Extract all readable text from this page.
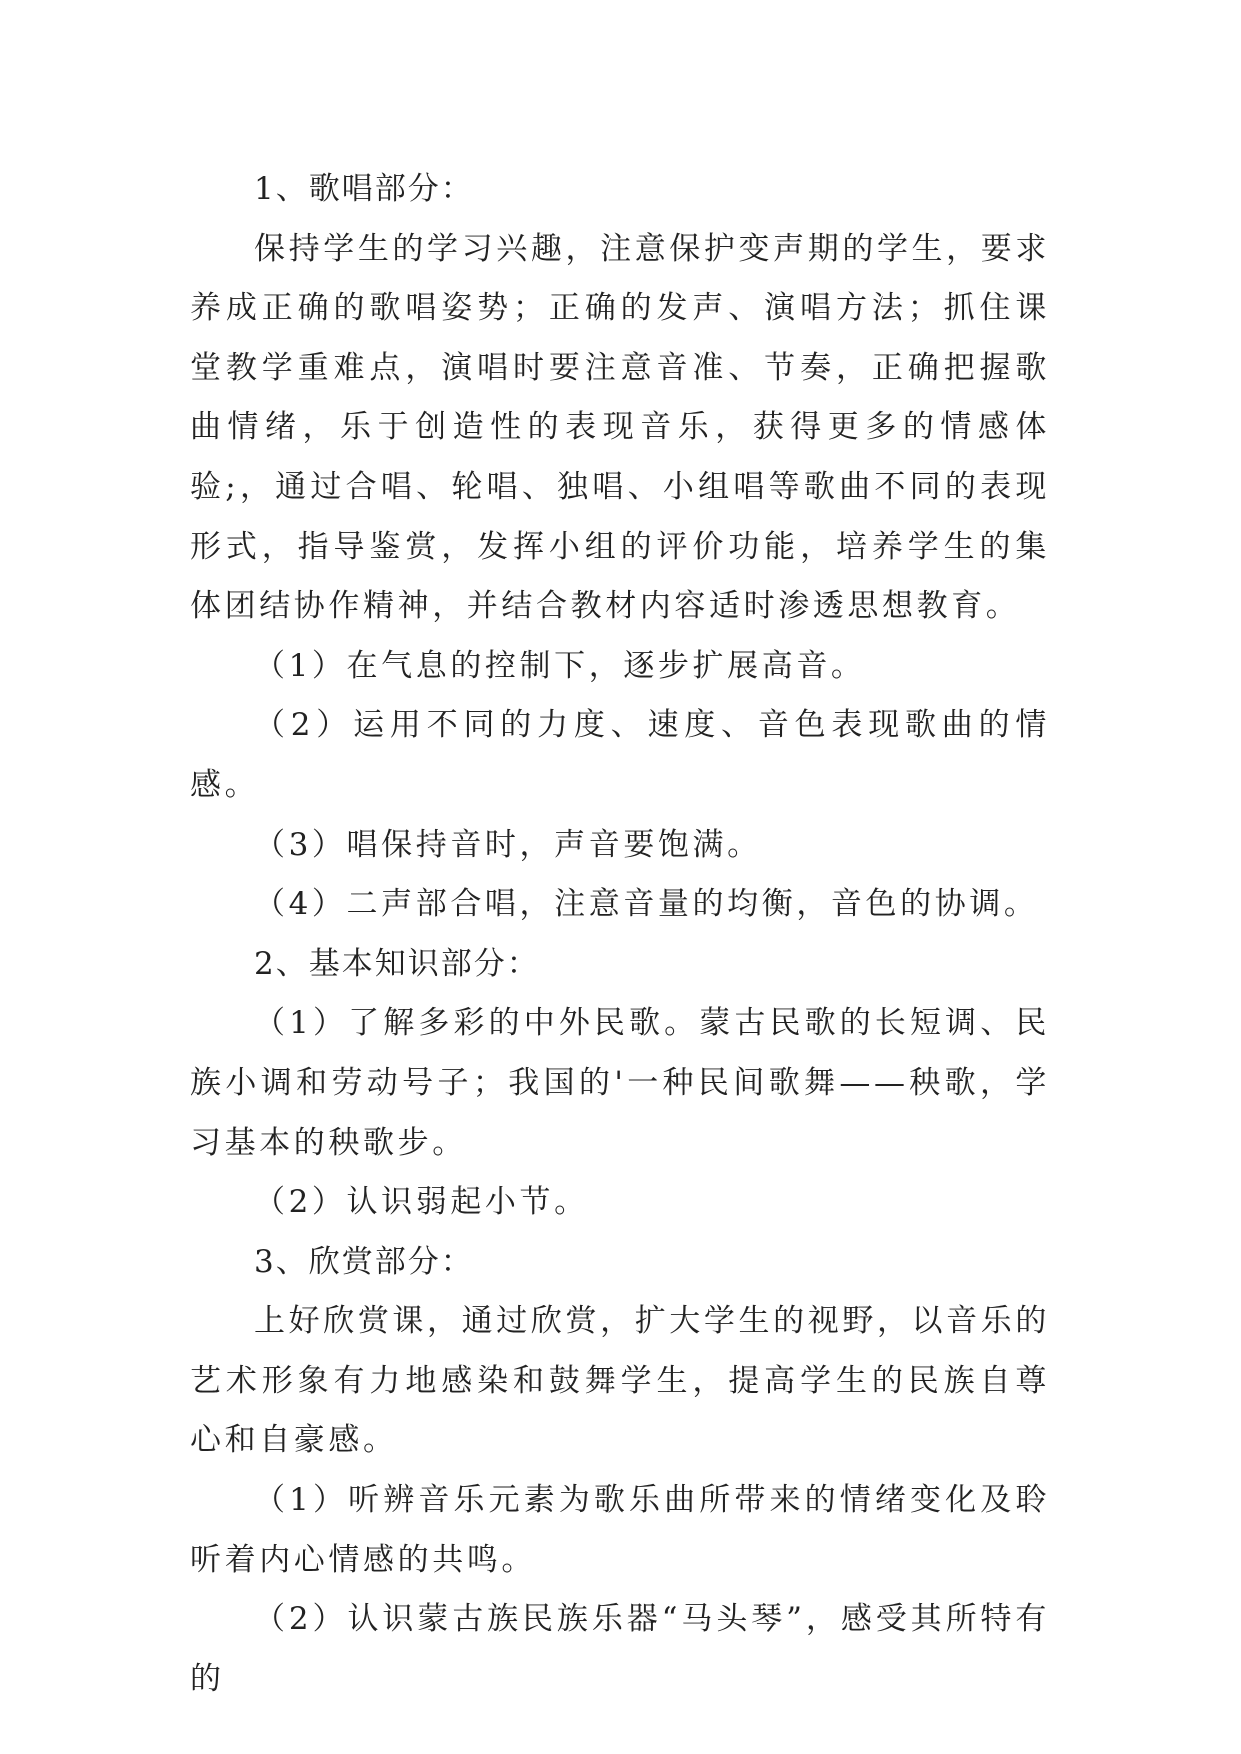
1、歌唱部分：

保持学生的学习兴趣，注意保护变声期的学生，要求养成正确的歌唱姿势；正确的发声、演唱方法；抓住课堂教学重难点，演唱时要注意音准、节奏，正确把握歌曲情绪，乐于创造性的表现音乐，获得更多的情感体验;，通过合唱、轮唱、独唱、小组唱等歌曲不同的表现形式，指导鉴赏，发挥小组的评价功能，培养学生的集体团结协作精神，并结合教材内容适时渗透思想教育。

（1）在气息的控制下，逐步扩展高音。

（2）运用不同的力度、速度、音色表现歌曲的情感。

（3）唱保持音时，声音要饱满。

（4）二声部合唱，注意音量的均衡，音色的协调。

2、基本知识部分：

（1）了解多彩的中外民歌。蒙古民歌的长短调、民族小调和劳动号子；我国的'一种民间歌舞——秧歌，学习基本的秧歌步。

（2）认识弱起小节。

3、欣赏部分：

上好欣赏课，通过欣赏，扩大学生的视野，以音乐的艺术形象有力地感染和鼓舞学生，提高学生的民族自尊心和自豪感。

（1）听辨音乐元素为歌乐曲所带来的情绪变化及聆听着内心情感的共鸣。

（2）认识蒙古族民族乐器“马头琴”，感受其所特有的
